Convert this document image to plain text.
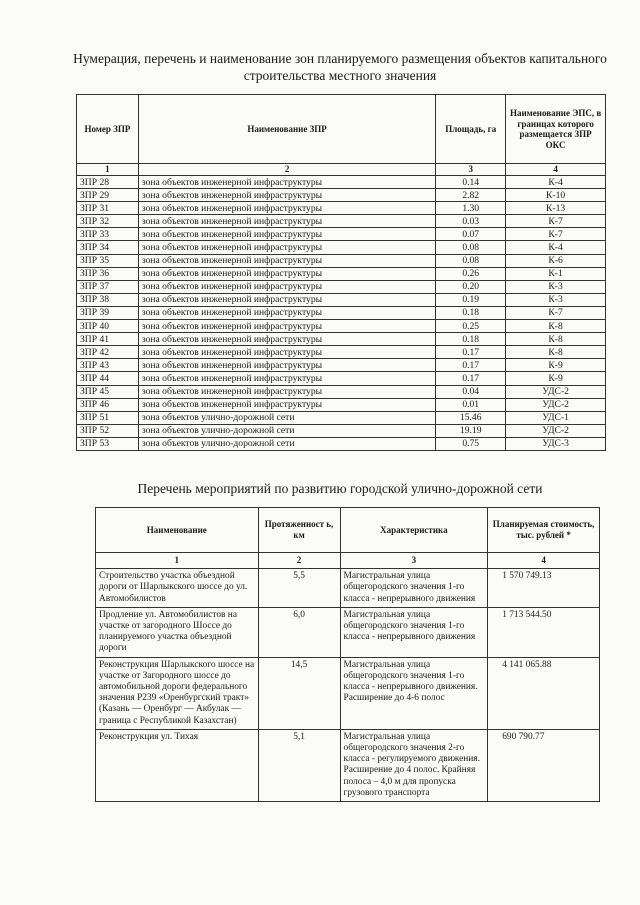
Нумерация, перечень и наименование зон планируемого размещения объектов капитального строительства местного значения
Номер ЗПР	Наименование ЗПР	Площадь, га	Наименование ЭПС, в границах которого размещается ЗПР ОКС
1	2	3	4
ЗПР 28	зона объектов инженерной инфраструктуры	0.14	К-4
ЗПР 29	зона объектов инженерной инфраструктуры	2.82	К-10
ЗПР 31	зона объектов инженерной инфраструктуры	1.30	К-13
ЗПР 32	зона объектов инженерной инфраструктуры	0.03	К-7
ЗПР 33	зона объектов инженерной инфраструктуры	0.07	К-7
ЗПР 34	зона объектов инженерной инфраструктуры	0.08	К-4
ЗПР 35	зона объектов инженерной инфраструктуры	0.08	К-6
ЗПР 36	зона объектов инженерной инфраструктуры	0.26	К-1
ЗПР 37	зона объектов инженерной инфраструктуры	0.20	К-3
ЗПР 38	зона объектов инженерной инфраструктуры	0.19	К-3
ЗПР 39	зона объектов инженерной инфраструктуры	0.18	К-7
ЗПР 40	зона объектов инженерной инфраструктуры	0.25	К-8
ЗПР 41	зона объектов инженерной инфраструктуры	0.18	К-8
ЗПР 42	зона объектов инженерной инфраструктуры	0.17	К-8
ЗПР 43	зона объектов инженерной инфраструктуры	0.17	К-9
ЗПР 44	зона объектов инженерной инфраструктуры	0.17	К-9
ЗПР 45	зона объектов инженерной инфраструктуры	0.04	УДС-2
ЗПР 46	зона объектов инженерной инфраструктуры	0.01	УДС-2
ЗПР 51	зона объектов улично-дорожной сети	15.46	УДС-1
ЗПР 52	зона объектов улично-дорожной сети	19.19	УДС-2
ЗПР 53	зона объектов улично-дорожной сети	0.75	УДС-3
Перечень мероприятий по развитию городской улично-дорожной сети
Наименование	Протяженност ь, км	Характеристика	Планируемая стоимость, тыс. рублей *
1	2	3	4
Строительство участка объездной дороги от Шарлыкского шоссе до ул. Автомобилистов	5,5	Магистральная улица общегородского значения 1-го класса - непрерывного движения	1 570 749.13
Продление ул. Автомобилистов на участке от загородного Шоссе до планируемого участка объездной дороги	6,0	Магистральная улица общегородского значения 1-го класса - непрерывного движения	1 713 544.50
Реконструкция Шарлыкского шоссе на участке от Загородного шоссе до автомобильной дороги федерального значения Р239 «Оренбургский тракт» (Казань — Оренбург — Акбулак — граница с Республикой Казахстан)	14,5	Магистральная улица общегородского значения 1-го класса - непрерывного движения. Расширение до 4-6 полос	4 141 065.88
Реконструкция ул. Тихая	5,1	Магистральная улица общегородского значения 2-го класса - регулируемого движения. Расширение до 4 полос. Крайняя полоса – 4,0 м для пропуска грузового транспорта	690 790.77
